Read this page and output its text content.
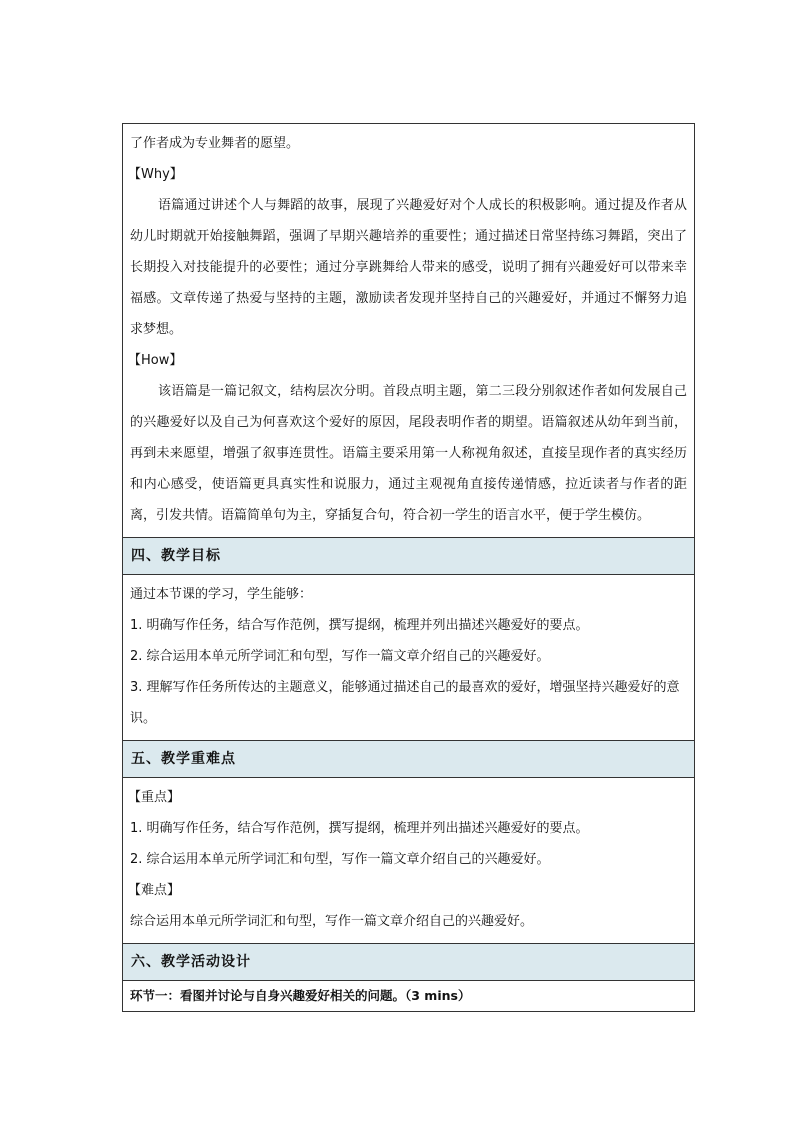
了作者成为专业舞者的愿望。

【Why】

语篇通过讲述个人与舞蹈的故事，展现了兴趣爱好对个人成长的积极影响。通过提及作者从幼儿时期就开始接触舞蹈，强调了早期兴趣培养的重要性；通过描述日常坚持练习舞蹈，突出了长期投入对技能提升的必要性；通过分享跳舞给人带来的感受，说明了拥有兴趣爱好可以带来幸福感。文章传递了热爱与坚持的主题，激励读者发现并坚持自己的兴趣爱好，并通过不懈努力追求梦想。

【How】

该语篇是一篇记叙文，结构层次分明。首段点明主题，第二三段分别叙述作者如何发展自己的兴趣爱好以及自己为何喜欢这个爱好的原因，尾段表明作者的期望。语篇叙述从幼年到当前，再到未来愿望，增强了叙事连贯性。语篇主要采用第一人称视角叙述，直接呈现作者的真实经历和内心感受，使语篇更具真实性和说服力，通过主观视角直接传递情感，拉近读者与作者的距离，引发共情。语篇简单句为主，穿插复合句，符合初一学生的语言水平，便于学生模仿。

四、教学目标

通过本节课的学习，学生能够：

1. 明确写作任务，结合写作范例，撰写提纲，梳理并列出描述兴趣爱好的要点。

2. 综合运用本单元所学词汇和句型，写作一篇文章介绍自己的兴趣爱好。

3. 理解写作任务所传达的主题意义，能够通过描述自己的最喜欢的爱好，增强坚持兴趣爱好的意识。

五、教学重难点

【重点】

1. 明确写作任务，结合写作范例，撰写提纲，梳理并列出描述兴趣爱好的要点。

2. 综合运用本单元所学词汇和句型，写作一篇文章介绍自己的兴趣爱好。

【难点】

综合运用本单元所学词汇和句型，写作一篇文章介绍自己的兴趣爱好。

六、教学活动设计
环节一：看图并讨论与自身兴趣爱好相关的问题。（3 mins）
